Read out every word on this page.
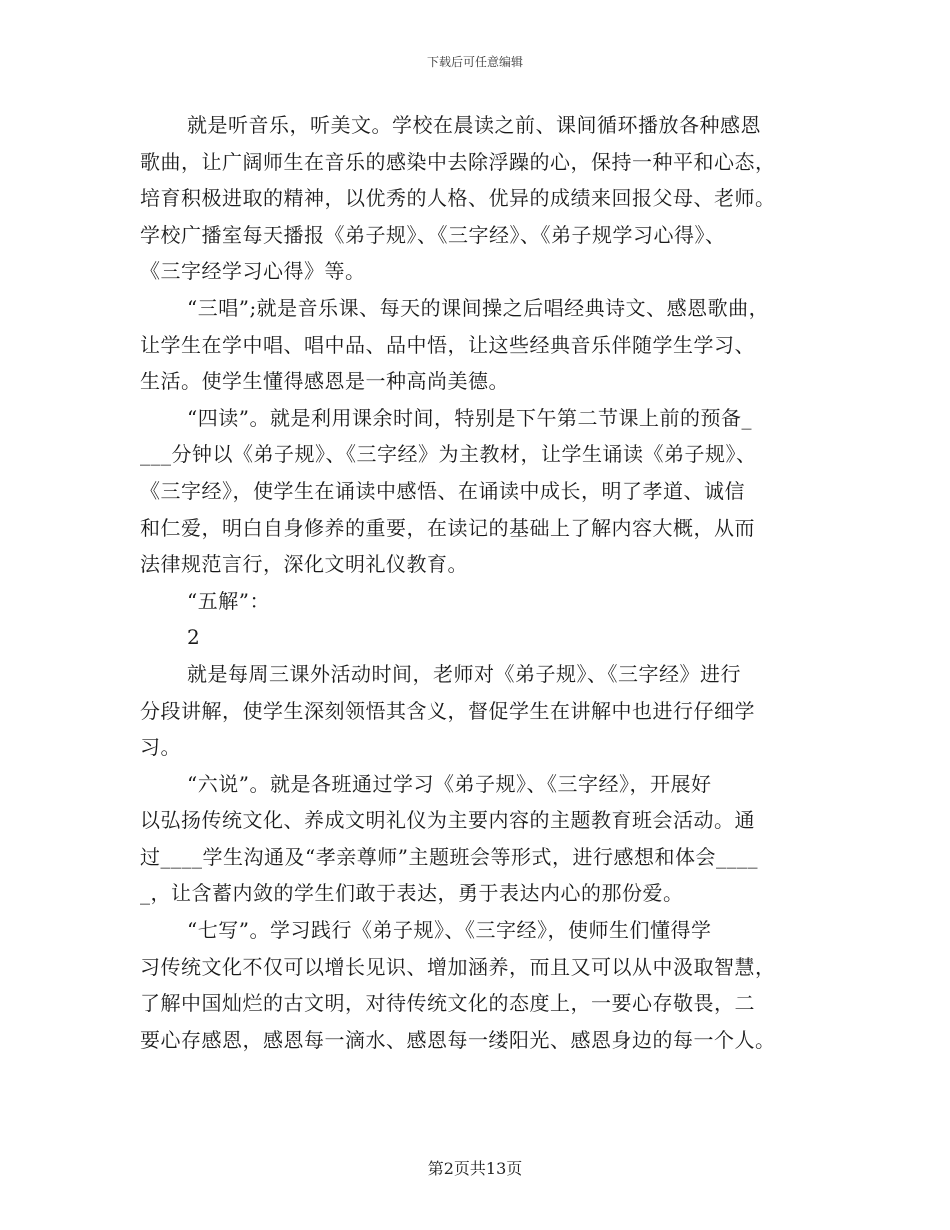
下载后可任意编辑
就是听音乐，听美文。学校在晨读之前、课间循环播放各种感恩
歌曲，让广阔师生在音乐的感染中去除浮躁的心，保持一种平和心态，
培育积极进取的精神，以优秀的人格、优异的成绩来回报父母、老师。
学校广播室每天播报《弟子规》、《三字经》、《弟子规学习心得》、
《三字经学习心得》等。
“三唱”;就是音乐课、每天的课间操之后唱经典诗文、感恩歌曲，
让学生在学中唱、唱中品、品中悟，让这些经典音乐伴随学生学习、
生活。使学生懂得感恩是一种高尚美德。
“四读”。就是利用课余时间，特别是下午第二节课上前的预备_
___分钟以《弟子规》、《三字经》为主教材，让学生诵读《弟子规》、
《三字经》，使学生在诵读中感悟、在诵读中成长，明了孝道、诚信
和仁爱，明白自身修养的重要，在读记的基础上了解内容大概，从而
法律规范言行，深化文明礼仪教育。
“五解”：
2
就是每周三课外活动时间，老师对《弟子规》、《三字经》进行
分段讲解，使学生深刻领悟其含义，督促学生在讲解中也进行仔细学
习。
“六说”。就是各班通过学习《弟子规》、《三字经》，开展好
以弘扬传统文化、养成文明礼仪为主要内容的主题教育班会活动。通
过____学生沟通及“孝亲尊师”主题班会等形式，进行感想和体会____
_，让含蓄内敛的学生们敢于表达，勇于表达内心的那份爱。
“七写”。学习践行《弟子规》、《三字经》，使师生们懂得学
习传统文化不仅可以增长见识、增加涵养，而且又可以从中汲取智慧，
了解中国灿烂的古文明，对待传统文化的态度上，一要心存敬畏，二
要心存感恩，感恩每一滴水、感恩每一缕阳光、感恩身边的每一个人。
第2页共13页
